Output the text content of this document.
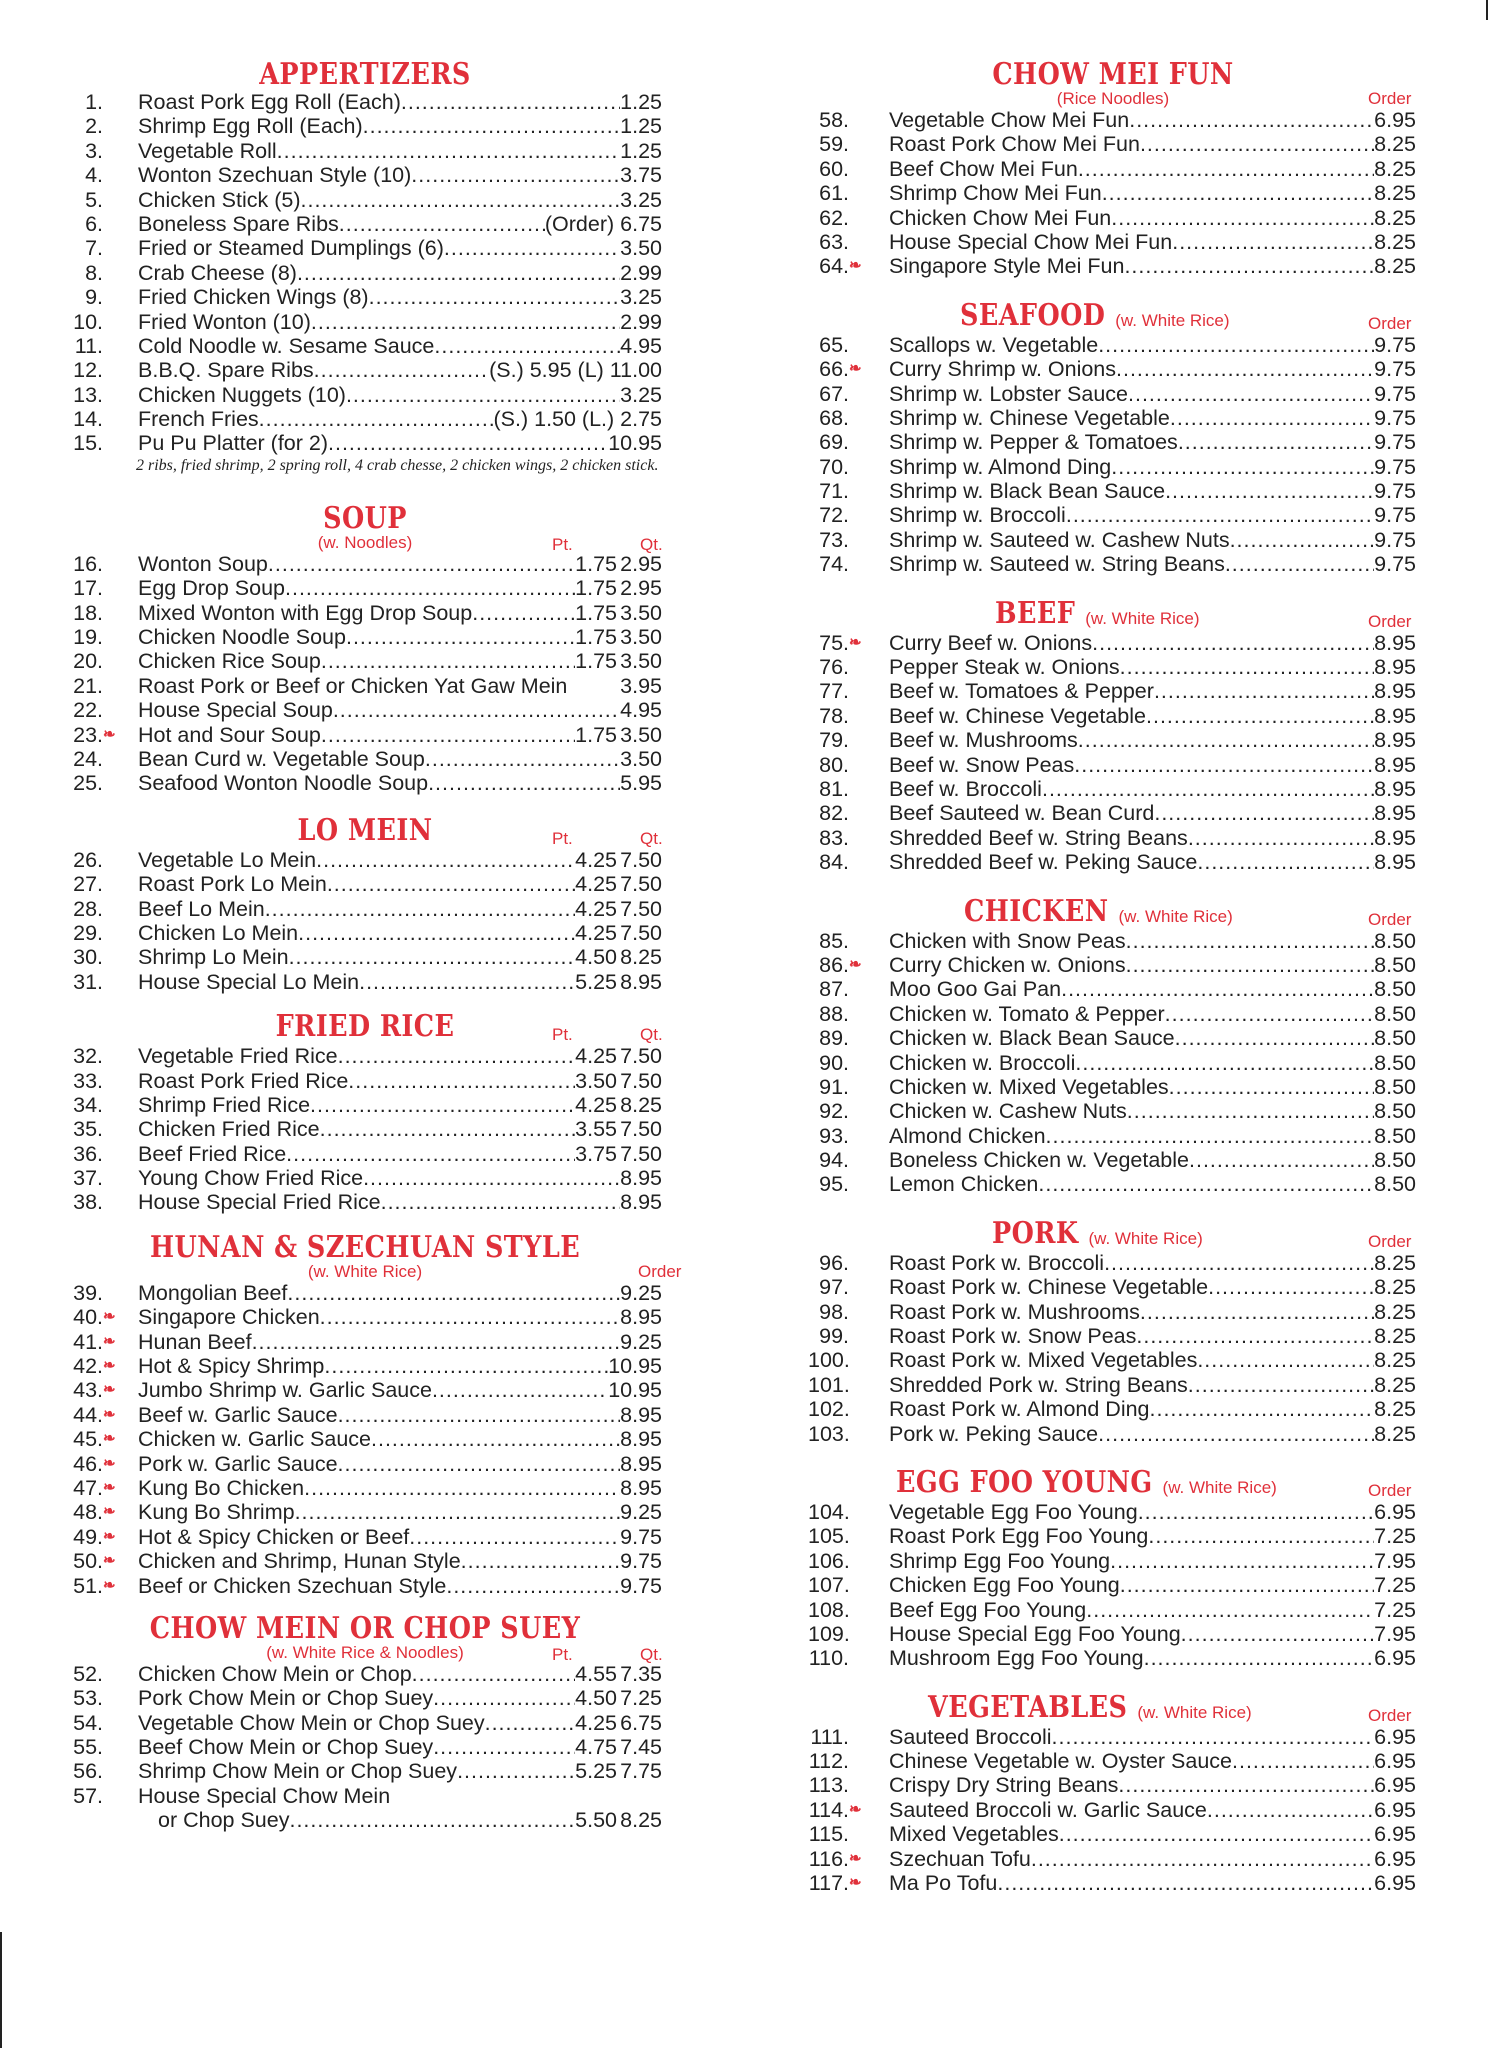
APPERTIZERS
1. Roast Pork Egg Roll (Each) .....	1.25
2. Shrimp Egg Roll (Each) .....	1.25
3. Vegetable Roll .....	1.25
4. Wonton Szechuan Style (10) .....	3.75
5. Chicken Stick (5) .....	3.25
6. Boneless Spare Ribs .....	(Order) 6.75
7. Fried or Steamed Dumplings (6) .....	3.50
8. Crab Cheese (8) .....	2.99
9. Fried Chicken Wings (8) .....	3.25
10. Fried Wonton (10) .....	2.99
11. Cold Noodle w. Sesame Sauce .....	4.95
12. B.B.Q. Spare Ribs .....	(S.) 5.95 (L) 11.00
13. Chicken Nuggets (10) .....	3.25
14. French Fries .....	(S.) 1.50 (L.) 2.75
15. Pu Pu Platter (for 2) .....	10.95
2 ribs, fried shrimp, 2 spring roll, 4 crab chesse, 2 chicken wings, 2 chicken stick.
SOUP
(w. Noodles)	Pt.	Qt.
16. Wonton Soup .....	1.75 2.95
17. Egg Drop Soup .....	1.75 2.95
18. Mixed Wonton with Egg Drop Soup .....	1.75 3.50
19. Chicken Noodle Soup .....	1.75 3.50
20. Chicken Rice Soup .....	1.75 3.50
21. Roast Pork or Beef or Chicken Yat Gaw Mein 3.95
22. House Special Soup .....	4.95
23. ❧ Hot and Sour Soup .....	1.75 3.50
24. Bean Curd w. Vegetable Soup .....	3.50
25. Seafood Wonton Noodle Soup .....	5.95
LO MEIN	Pt.	Qt.
26. Vegetable Lo Mein .....	4.25 7.50
27. Roast Pork Lo Mein .....	4.25 7.50
28. Beef Lo Mein .....	4.25 7.50
29. Chicken Lo Mein .....	4.25 7.50
30. Shrimp Lo Mein .....	4.50 8.25
31. House Special Lo Mein .....	5.25 8.95
FRIED RICE	Pt.	Qt.
32. Vegetable Fried Rice .....	4.25 7.50
33. Roast Pork Fried Rice .....	3.50 7.50
34. Shrimp Fried Rice .....	4.25 8.25
35. Chicken Fried Rice .....	3.55 7.50
36. Beef Fried Rice .....	3.75 7.50
37. Young Chow Fried Rice .....	8.95
38. House Special Fried Rice .....	8.95
HUNAN & SZECHUAN STYLE
(w. White Rice)	Order
39. Mongolian Beef .....	9.25
40. ❧ Singapore Chicken .....	8.95
41. ❧ Hunan Beef .....	9.25
42. ❧ Hot & Spicy Shrimp .....	10.95
43. ❧ Jumbo Shrimp w. Garlic Sauce .....	10.95
44. ❧ Beef w. Garlic Sauce .....	8.95
45. ❧ Chicken w. Garlic Sauce .....	8.95
46. ❧ Pork w. Garlic Sauce .....	8.95
47. ❧ Kung Bo Chicken .....	8.95
48. ❧ Kung Bo Shrimp .....	9.25
49. ❧ Hot & Spicy Chicken or Beef .....	9.75
50. ❧ Chicken and Shrimp, Hunan Style .....	9.75
51. ❧ Beef or Chicken Szechuan Style .....	9.75
CHOW MEIN OR CHOP SUEY
(w. White Rice & Noodles)	Pt.	Qt.
52. Chicken Chow Mein or Chop .....	4.55 7.35
53. Pork Chow Mein or Chop Suey .....	4.50 7.25
54. Vegetable Chow Mein or Chop Suey .....	4.25 6.75
55. Beef Chow Mein or Chop Suey .....	4.75 7.45
56. Shrimp Chow Mein or Chop Suey .....	5.25 7.75
57. House Special Chow Mein
or Chop Suey .....	5.50 8.25
CHOW MEI FUN
(Rice Noodles)	Order
58. Vegetable Chow Mei Fun .....	6.95
59. Roast Pork Chow Mei Fun .....	8.25
60. Beef Chow Mei Fun .....	8.25
61. Shrimp Chow Mei Fun .....	8.25
62. Chicken Chow Mei Fun .....	8.25
63. House Special Chow Mei Fun .....	8.25
64. ❧ Singapore Style Mei Fun .....	8.25
SEAFOOD (w. White Rice)	Order
65. Scallops w. Vegetable .....	9.75
66. ❧ Curry Shrimp w. Onions .....	9.75
67. Shrimp w. Lobster Sauce .....	9.75
68. Shrimp w. Chinese Vegetable .....	9.75
69. Shrimp w. Pepper & Tomatoes .....	9.75
70. Shrimp w. Almond Ding .....	9.75
71. Shrimp w. Black Bean Sauce .....	9.75
72. Shrimp w. Broccoli .....	9.75
73. Shrimp w. Sauteed w. Cashew Nuts .....	9.75
74. Shrimp w. Sauteed w. String Beans .....	9.75
BEEF (w. White Rice)	Order
75. ❧ Curry Beef w. Onions .....	8.95
76. Pepper Steak w. Onions .....	8.95
77. Beef w. Tomatoes & Pepper .....	8.95
78. Beef w. Chinese Vegetable .....	8.95
79. Beef w. Mushrooms .....	8.95
80. Beef w. Snow Peas .....	8.95
81. Beef w. Broccoli .....	8.95
82. Beef Sauteed w. Bean Curd .....	8.95
83. Shredded Beef w. String Beans .....	8.95
84. Shredded Beef w. Peking Sauce .....	8.95
CHICKEN (w. White Rice)	Order
85. Chicken with Snow Peas .....	8.50
86. ❧ Curry Chicken w. Onions .....	8.50
87. Moo Goo Gai Pan .....	8.50
88. Chicken w. Tomato & Pepper .....	8.50
89. Chicken w. Black Bean Sauce .....	8.50
90. Chicken w. Broccoli .....	8.50
91. Chicken w. Mixed Vegetables .....	8.50
92. Chicken w. Cashew Nuts .....	8.50
93. Almond Chicken .....	8.50
94. Boneless Chicken w. Vegetable .....	8.50
95. Lemon Chicken .....	8.50
PORK (w. White Rice)	Order
96. Roast Pork w. Broccoli .....	8.25
97. Roast Pork w. Chinese Vegetable .....	8.25
98. Roast Pork w. Mushrooms .....	8.25
99. Roast Pork w. Snow Peas .....	8.25
100. Roast Pork w. Mixed Vegetables .....	8.25
101. Shredded Pork w. String Beans .....	8.25
102. Roast Pork w. Almond Ding .....	8.25
103. Pork w. Peking Sauce .....	8.25
EGG FOO YOUNG (w. White Rice)	Order
104. Vegetable Egg Foo Young .....	6.95
105. Roast Pork Egg Foo Young .....	7.25
106. Shrimp Egg Foo Young .....	7.95
107. Chicken Egg Foo Young .....	7.25
108. Beef Egg Foo Young .....	7.25
109. House Special Egg Foo Young .....	7.95
110. Mushroom Egg Foo Young .....	6.95
VEGETABLES (w. White Rice)	Order
111. Sauteed Broccoli .....	6.95
112. Chinese Vegetable w. Oyster Sauce .....	6.95
113. Crispy Dry String Beans .....	6.95
114. ❧ Sauteed Broccoli w. Garlic Sauce .....	6.95
115. Mixed Vegetables .....	6.95
116. ❧ Szechuan Tofu .....	6.95
117. ❧ Ma Po Tofu .....	6.95
